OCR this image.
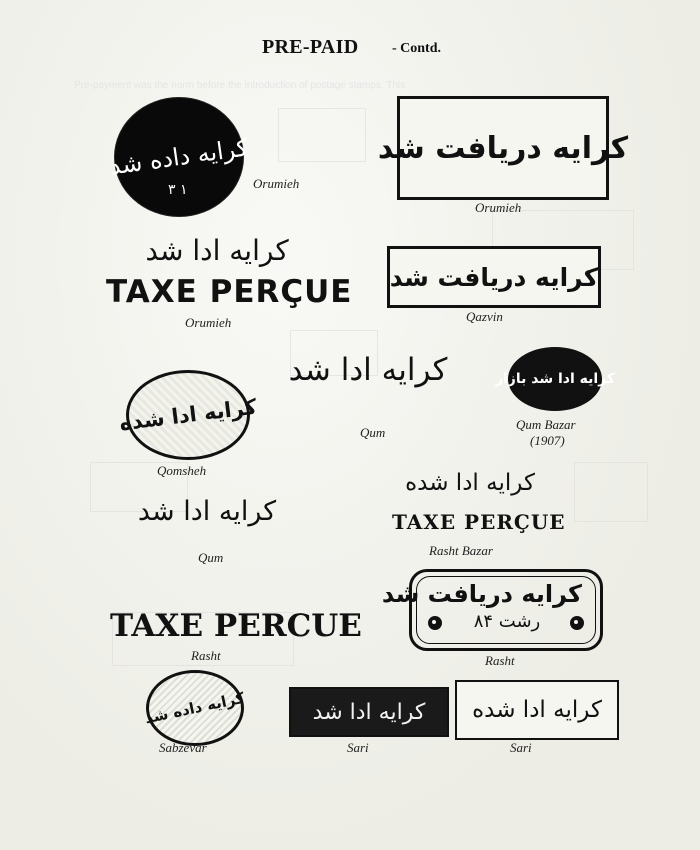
Pre-payment was the norm before the introduction of postage stamps. This
PRE-PAID - Contd.
كرايه داده شد
١ ٣	Orumieh
كرايه دريافت شد
Orumieh
كرايه ادا شد
TAXE PERÇUE
Orumieh
كرايه دريافت شد
Qazvin
كرايه ادا شده
Qomsheh
كرايه ادا شد
Qum
كرايه ادا شد بازار
Qum Bazar
(1907)
كرايه ادا شد
Qum
كرايه ادا شده
TAXE PERÇUE
Rasht Bazar
TAXE PERCUE
Rasht
كرايه دريافت شد
رشت ٨۴
Rasht
كرايه داده شد
Sabzevar
كرايه ادا شد
Sari
كرايه ادا شده
Sari
